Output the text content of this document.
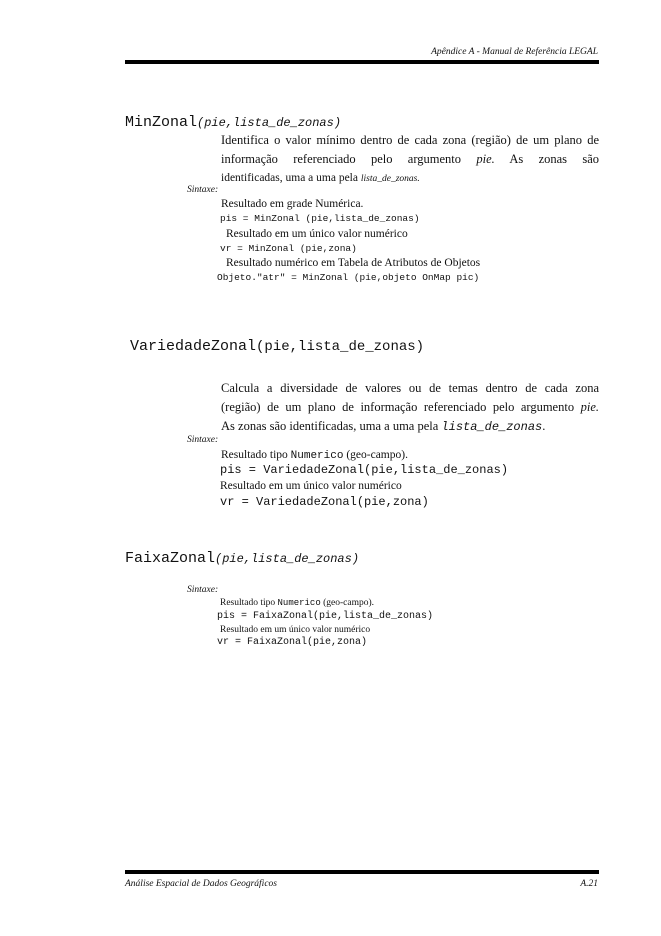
Apêndice A - Manual de Referência LEGAL
MinZonal(pie,lista_de_zonas)
Identifica o valor mínimo dentro de cada zona (região) de um plano de
informação referenciado pelo argumento pie. As zonas são
identificadas, uma a uma pela lista_de_zonas.
Sintaxe:
Resultado em grade Numérica.
pis = MinZonal (pie,lista_de_zonas)
Resultado em um único valor numérico
vr = MinZonal (pie,zona)
Resultado numérico em Tabela de Atributos de Objetos
Objeto."atr" = MinZonal (pie,objeto OnMap pic)
VariedadeZonal(pie,lista_de_zonas)
Calcula a diversidade de valores ou de temas dentro de cada zona
(região) de um plano de informação referenciado pelo argumento pie.
As zonas são identificadas, uma a uma pela lista_de_zonas.
Sintaxe:
Resultado tipo Numerico (geo-campo).
pis = VariedadeZonal(pie,lista_de_zonas)
Resultado em um único valor numérico
vr = VariedadeZonal(pie,zona)
FaixaZonal(pie,lista_de_zonas)
Sintaxe:
Resultado tipo Numerico (geo-campo).
pis = FaixaZonal(pie,lista_de_zonas)
Resultado em um único valor numérico
vr = FaixaZonal(pie,zona)
Análise Espacial de Dados Geográficos	A.21
